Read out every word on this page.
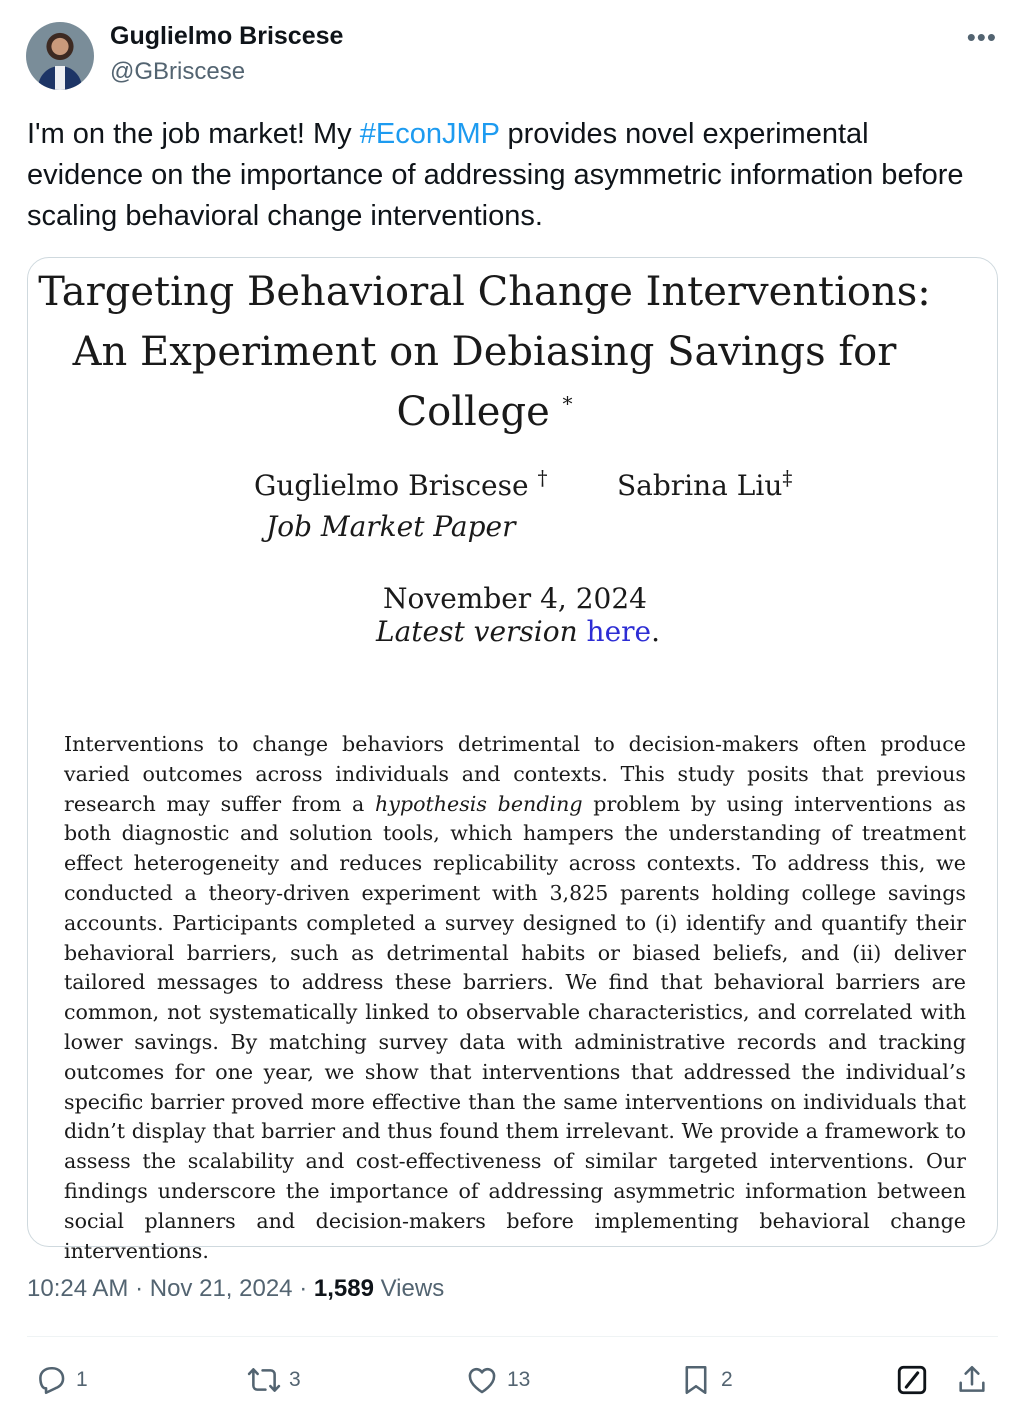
Guglielmo Briscese
@GBriscese
•••
I'm on the job market! My #EconJMP provides novel experimental evidence on the importance of addressing asymmetric information before scaling behavioral change interventions.
Targeting Behavioral Change Interventions:
An Experiment on Debiasing Savings for College *
Guglielmo Briscese † Sabrina Liu‡
Job Market Paper
November 4, 2024
Latest version here.
Interventions to change behaviors detrimental to decision-makers often produce varied outcomes across individuals and contexts. This study posits that previous research may suffer from a hypothesis bending problem by using interventions as both diagnostic and solution tools, which hampers the understanding of treatment effect heterogeneity and reduces replicability across contexts. To address this, we conducted a theory-driven experiment with 3,825 parents holding college savings accounts. Participants completed a survey designed to (i) identify and quantify their behavioral barriers, such as detrimental habits or biased beliefs, and (ii) deliver tailored messages to address these barriers. We find that behavioral barriers are common, not systematically linked to observable characteristics, and correlated with lower savings. By matching survey data with administrative records and tracking outcomes for one year, we show that interventions that addressed the individual’s specific barrier proved more effective than the same interventions on individuals that didn’t display that barrier and thus found them irrelevant. We provide a framework to assess the scalability and cost-effectiveness of similar targeted interventions. Our findings underscore the importance of addressing asymmetric information between social planners and decision-makers before implementing behavioral change interventions.
10:24 AM · Nov 21, 2024 · 1,589 Views
1	3	13	2
